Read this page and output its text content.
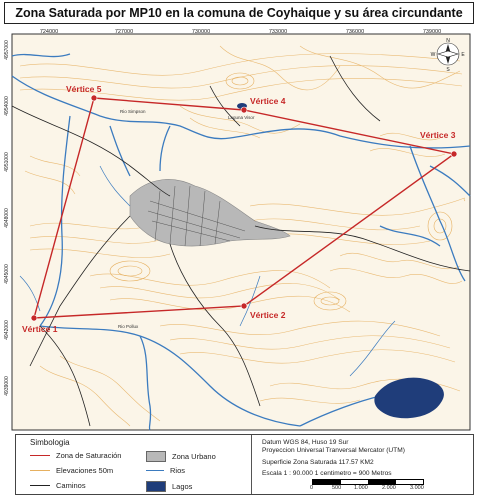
Zona Saturada por MP10 en la comuna de Coyhaique y su área circundante
Vértice 5
Vértice 4
Vértice 3
Vértice 2
Vértice 1
Laguna Visor
Rio Simpson
Rio Pollux
724000	727000	730000	733000	736000	739000
4957000
4954000
4951000
4948000
4945000
4942000
4939000
N
S
E
W
Simbologia
Zona de Saturación
Elevaciones 50m
Caminos
Zona Urbano
Rios
Lagos
Datum WGS 84, Huso 19 Sur
Proyeccion Universal Tranversal Mercator (UTM)
Superficie Zona Saturada 117.57 KM2
Escala 1 : 90.000 1 centimetro = 900 Metros
0	500 1.000	2.000	3.000
